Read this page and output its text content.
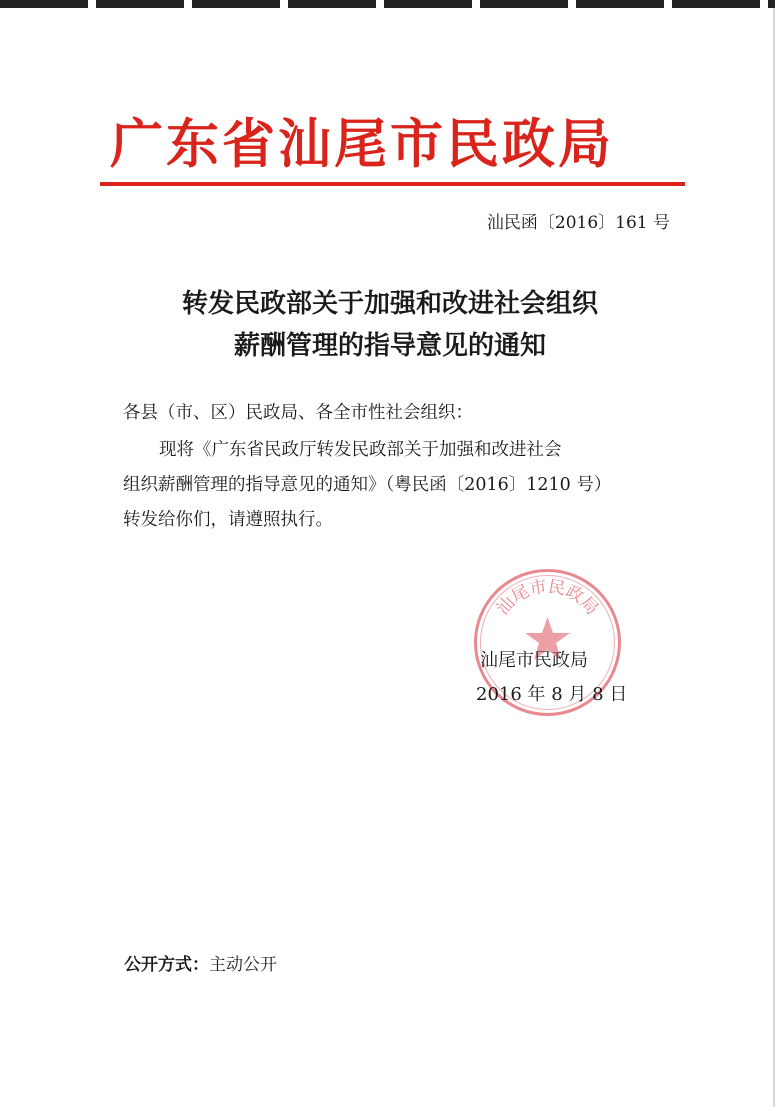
广东省汕尾市民政局
汕民函〔2016〕161 号
转发民政部关于加强和改进社会组织
薪酬管理的指导意见的通知
各县（市、区）民政局、各全市性社会组织：
现将《广东省民政厅转发民政部关于加强和改进社会
组织薪酬管理的指导意见的通知》（粤民函〔2016〕1210 号）
转发给你们，请遵照执行。
汕尾市民政局
汕尾市民政局
2016 年 8 月 8 日
公开方式：主动公开
